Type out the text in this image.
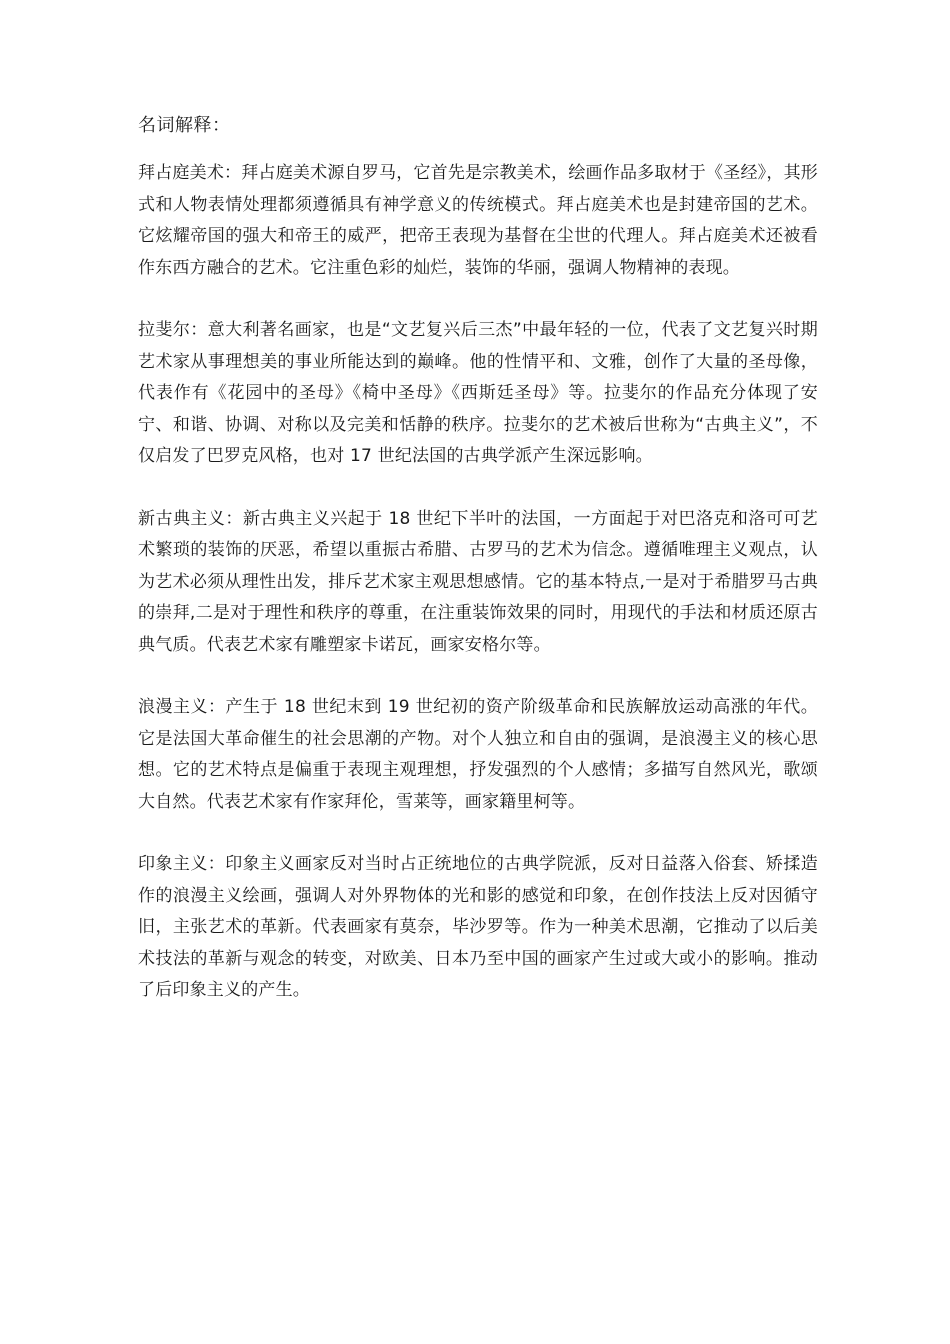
名词解释：

拜占庭美术：拜占庭美术源自罗马，它首先是宗教美术，绘画作品多取材于《圣经》，其形式和人物表情处理都须遵循具有神学意义的传统模式。拜占庭美术也是封建帝国的艺术。它炫耀帝国的强大和帝王的威严，把帝王表现为基督在尘世的代理人。拜占庭美术还被看作东西方融合的艺术。它注重色彩的灿烂，装饰的华丽，强调人物精神的表现。

拉斐尔：意大利著名画家，也是“文艺复兴后三杰”中最年轻的一位，代表了文艺复兴时期艺术家从事理想美的事业所能达到的巅峰。他的性情平和、文雅，创作了大量的圣母像，代表作有《花园中的圣母》《椅中圣母》《西斯廷圣母》等。拉斐尔的作品充分体现了安宁、和谐、协调、对称以及完美和恬静的秩序。拉斐尔的艺术被后世称为“古典主义”，不仅启发了巴罗克风格，也对 17 世纪法国的古典学派产生深远影响。

新古典主义：新古典主义兴起于 18 世纪下半叶的法国，一方面起于对巴洛克和洛可可艺术繁琐的装饰的厌恶，希望以重振古希腊、古罗马的艺术为信念。遵循唯理主义观点，认为艺术必须从理性出发，排斥艺术家主观思想感情。它的基本特点,一是对于希腊罗马古典的崇拜,二是对于理性和秩序的尊重，在注重装饰效果的同时，用现代的手法和材质还原古典气质。代表艺术家有雕塑家卡诺瓦，画家安格尔等。

浪漫主义：产生于 18 世纪末到 19 世纪初的资产阶级革命和民族解放运动高涨的年代。它是法国大革命催生的社会思潮的产物。对个人独立和自由的强调，是浪漫主义的核心思想。它的艺术特点是偏重于表现主观理想，抒发强烈的个人感情；多描写自然风光，歌颂大自然。代表艺术家有作家拜伦，雪莱等，画家籍里柯等。

印象主义：印象主义画家反对当时占正统地位的古典学院派，反对日益落入俗套、矫揉造作的浪漫主义绘画，强调人对外界物体的光和影的感觉和印象，在创作技法上反对因循守旧，主张艺术的革新。代表画家有莫奈，毕沙罗等。作为一种美术思潮，它推动了以后美术技法的革新与观念的转变，对欧美、日本乃至中国的画家产生过或大或小的影响。推动了后印象主义的产生。
